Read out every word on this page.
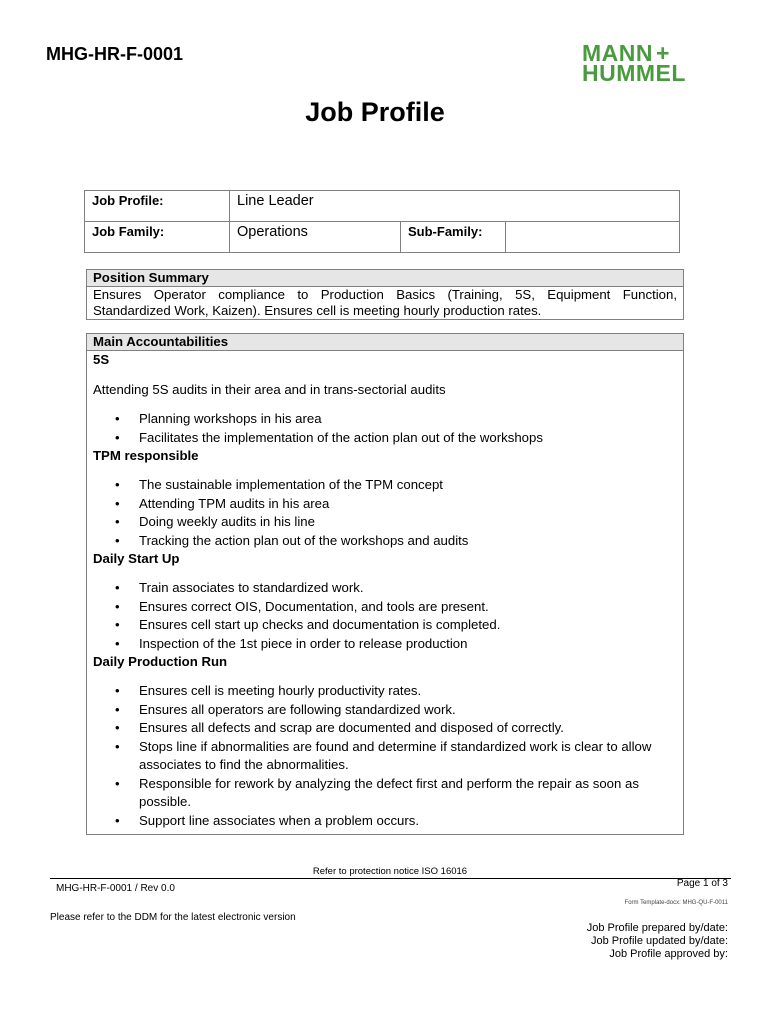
MHG-HR-F-0001	MANN +
HUMMEL
Job Profile
Job Profile:	Line Leader		
Job Family:	Operations	Sub-Family:	
Position Summary
Ensures Operator compliance to Production Basics (Training, 5S, Equipment Function, Standardized Work, Kaizen). Ensures cell is meeting hourly production rates.
Main Accountabilities
5S
Attending 5S audits in their area and in trans-sectorial audits
• Planning workshops in his area
• Facilitates the implementation of the action plan out of the workshops
TPM responsible
• The sustainable implementation of the TPM concept
• Attending TPM audits in his area
• Doing weekly audits in his line
• Tracking the action plan out of the workshops and audits
Daily Start Up
• Train associates to standardized work.
• Ensures correct OIS, Documentation, and tools are present.
• Ensures cell start up checks and documentation is completed.
• Inspection of the 1st piece in order to release production
Daily Production Run
• Ensures cell is meeting hourly productivity rates.
• Ensures all operators are following standardized work.
• Ensures all defects and scrap are documented and disposed of correctly.
• Stops line if abnormalities are found and determine if standardized work is clear to allow associates to find the abnormalities.
• Responsible for rework by analyzing the defect first and perform the repair as soon as possible.
• Support line associates when a problem occurs.
Refer to protection notice ISO 16016
MHG-HR-F-0001 / Rev 0.0	Page 1 of 3
Form Template-docx: MHG-QU-F-0011
Please refer to the DDM for the latest electronic version
Job Profile prepared by/date:
Job Profile updated by/date:
Job Profile approved by:
